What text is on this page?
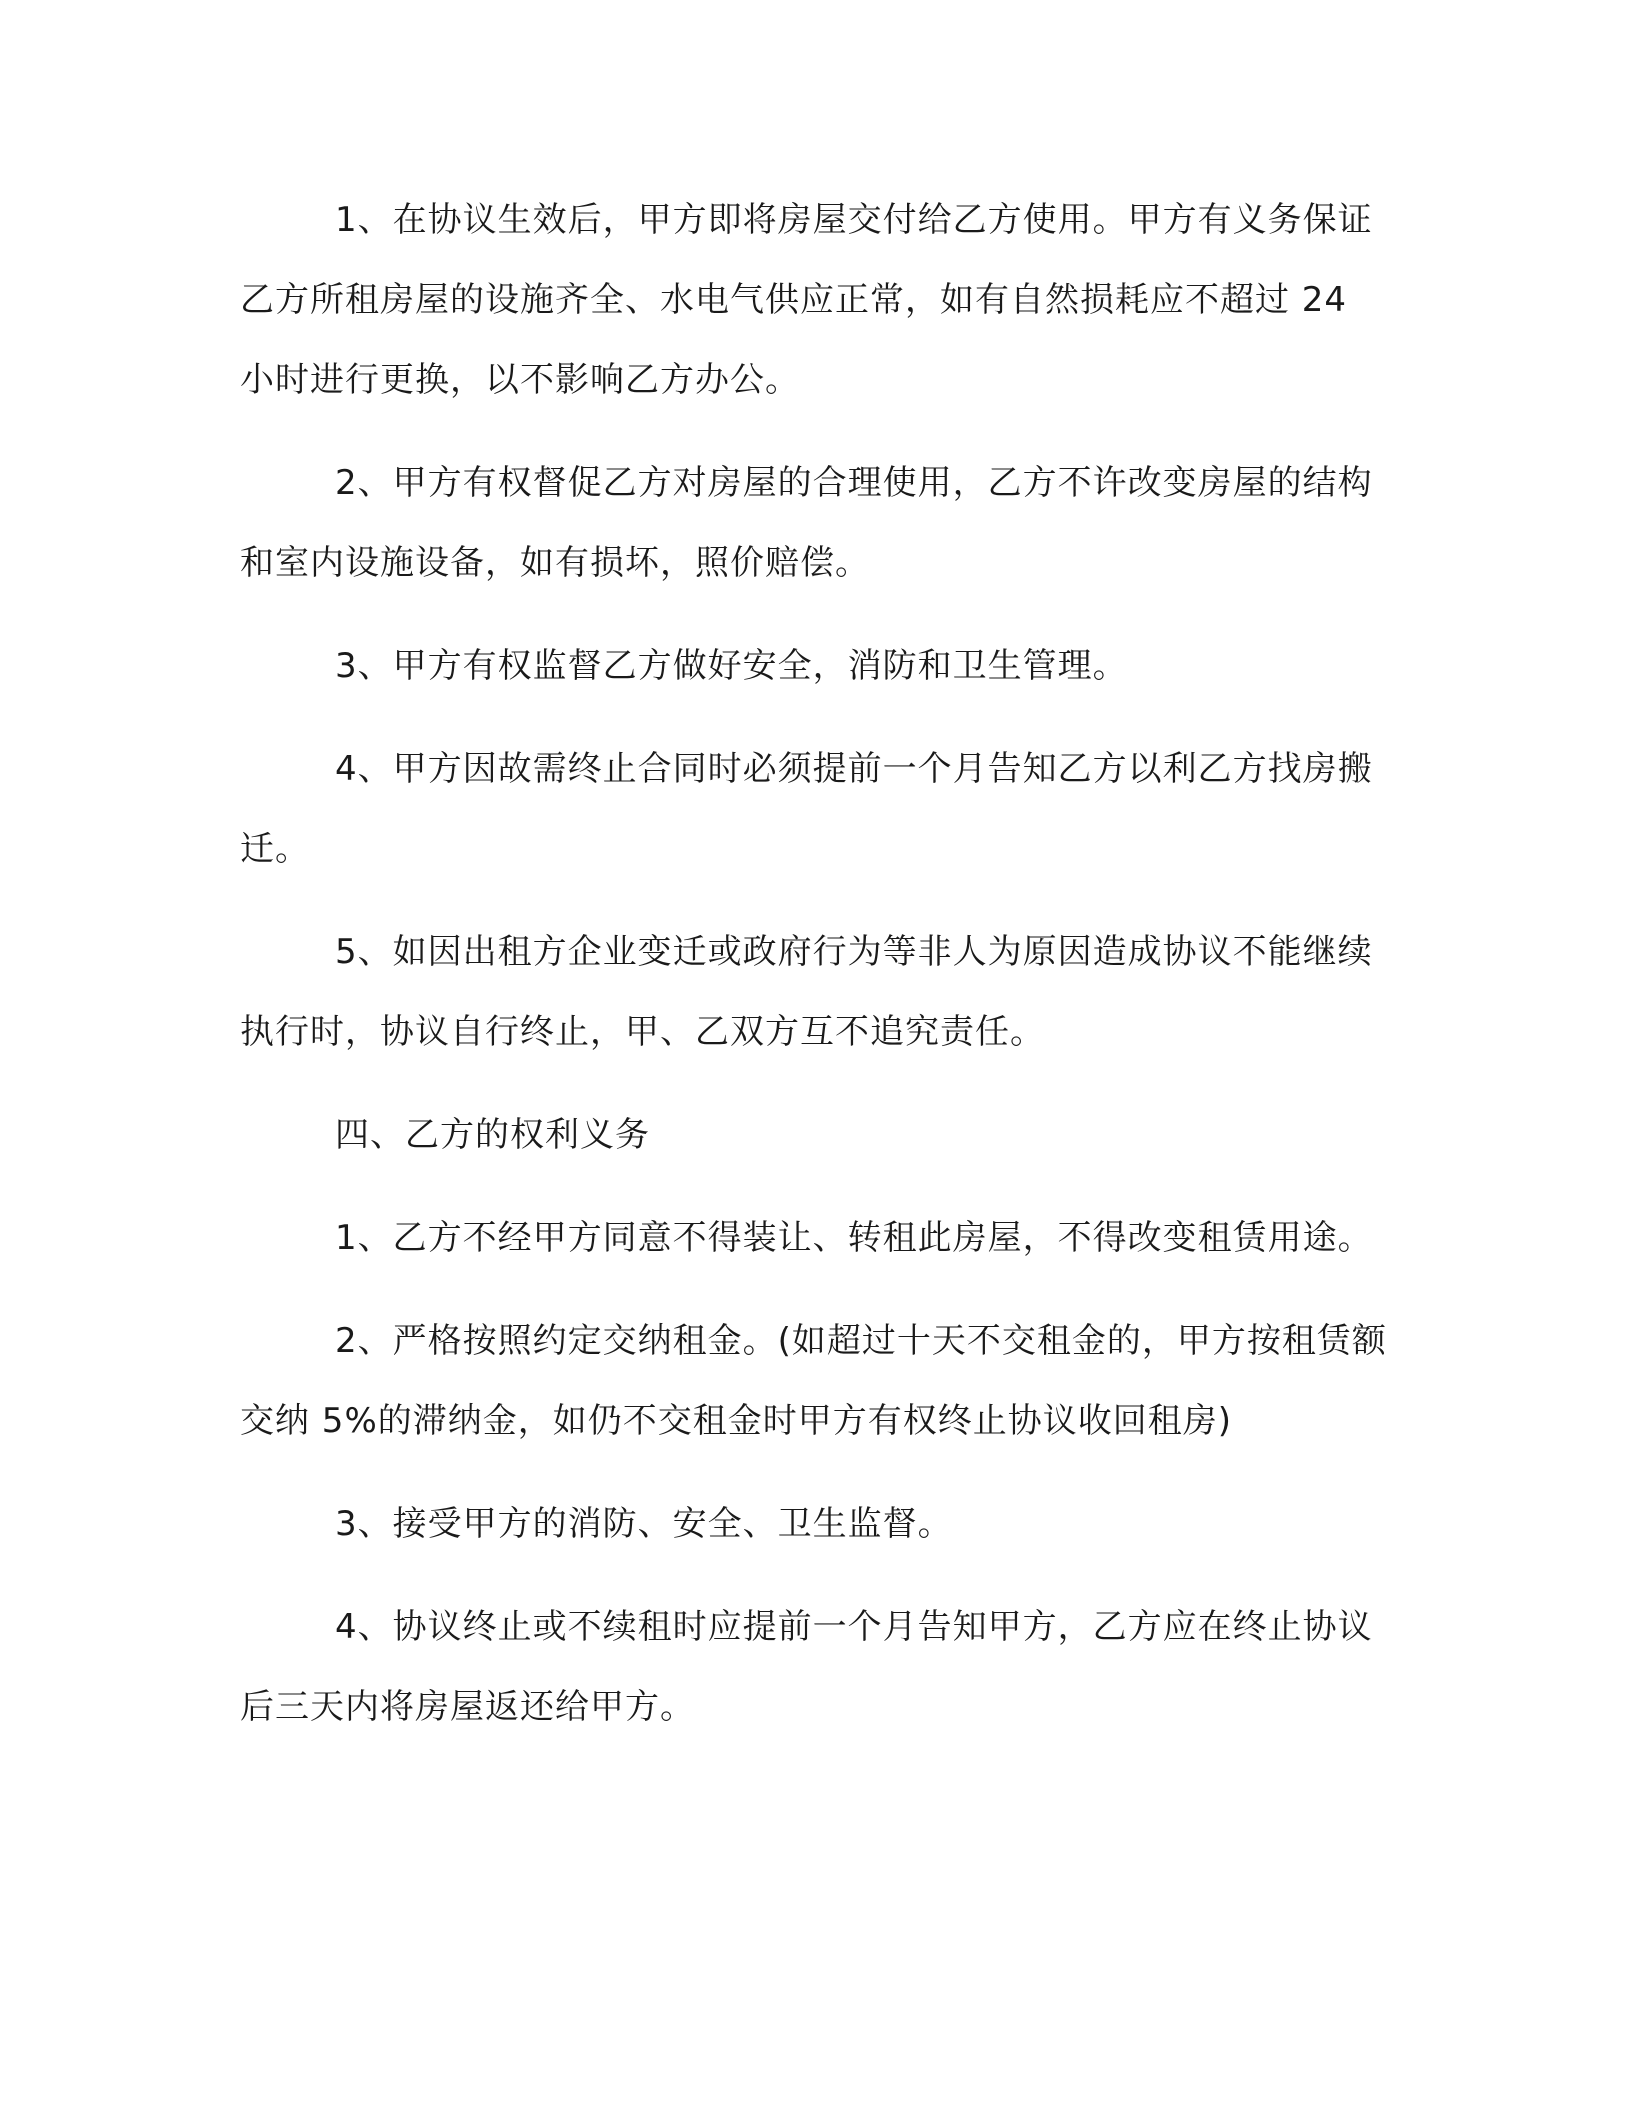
1、在协议生效后，甲方即将房屋交付给乙方使用。甲方有义务保证乙方所租房屋的设施齐全、水电气供应正常，如有自然损耗应不超过 24 小时进行更换，以不影响乙方办公。

2、甲方有权督促乙方对房屋的合理使用，乙方不许改变房屋的结构和室内设施设备，如有损坏，照价赔偿。

3、甲方有权监督乙方做好安全，消防和卫生管理。

4、甲方因故需终止合同时必须提前一个月告知乙方以利乙方找房搬迁。

5、如因出租方企业变迁或政府行为等非人为原因造成协议不能继续执行时，协议自行终止，甲、乙双方互不追究责任。

四、乙方的权利义务

1、乙方不经甲方同意不得装让、转租此房屋，不得改变租赁用途。

2、严格按照约定交纳租金。(如超过十天不交租金的，甲方按租赁额交纳 5%的滞纳金，如仍不交租金时甲方有权终止协议收回租房)

3、接受甲方的消防、安全、卫生监督。

4、协议终止或不续租时应提前一个月告知甲方，乙方应在终止协议后三天内将房屋返还给甲方。
